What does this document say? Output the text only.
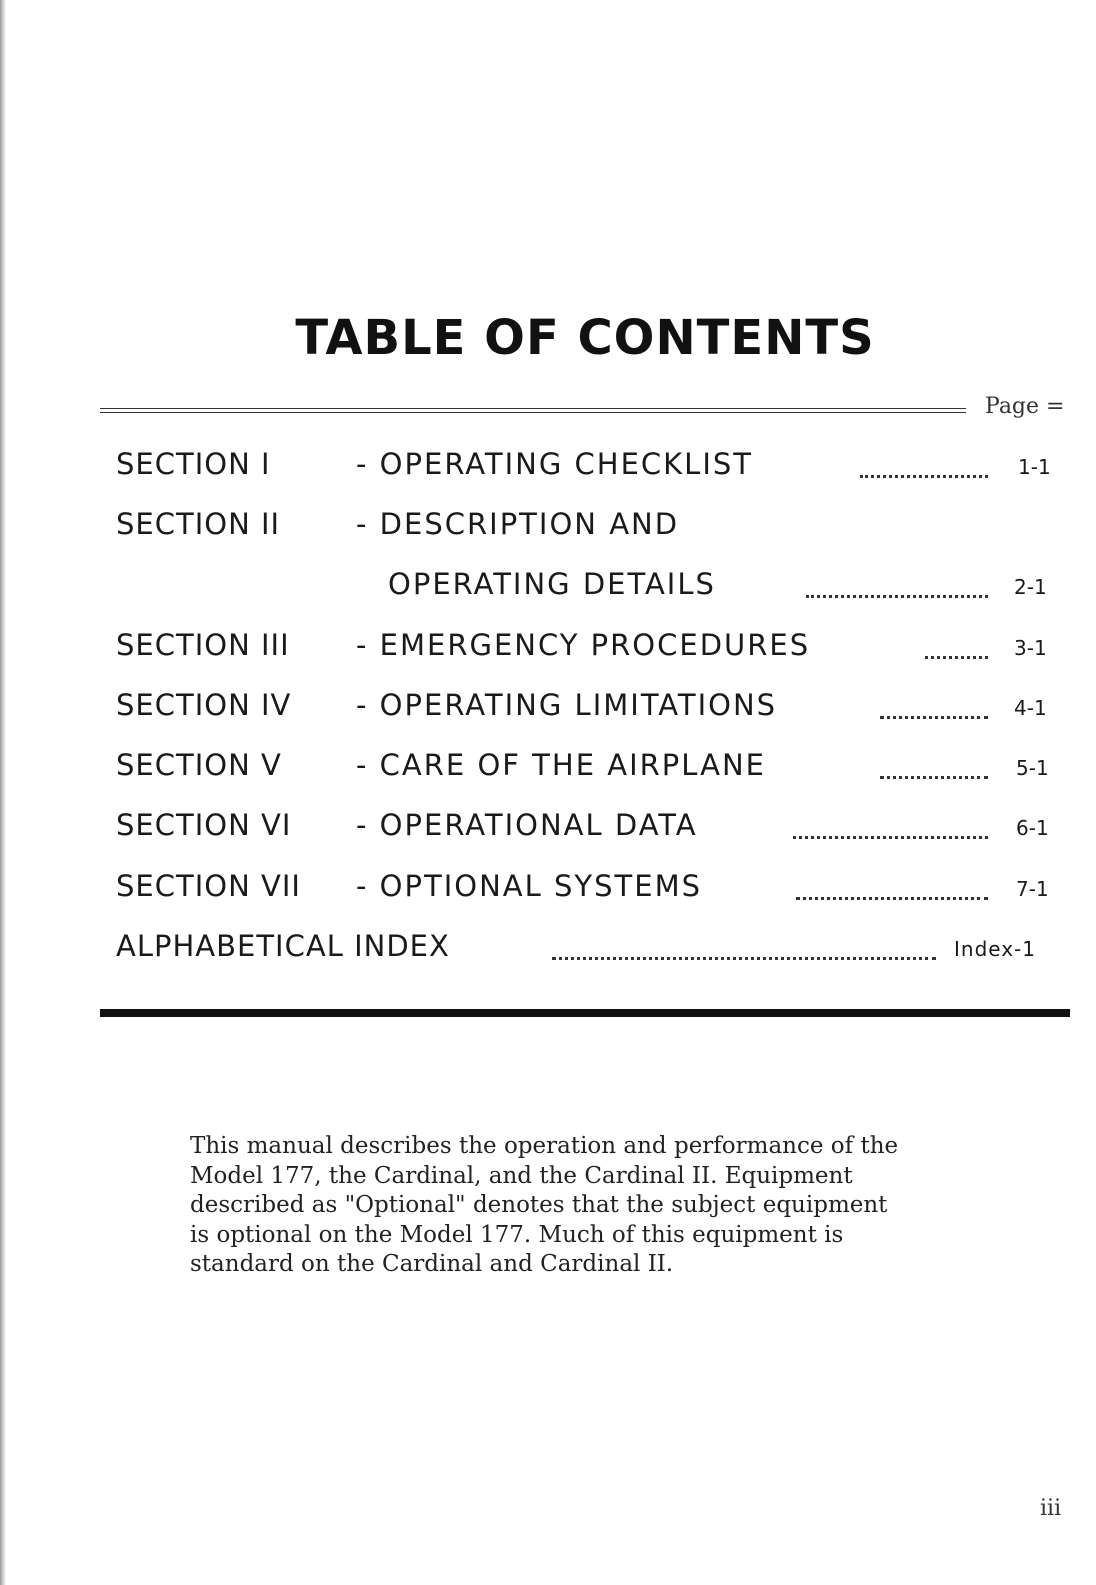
TABLE OF CONTENTS
Page =
SECTION I	- OPERATING CHECKLIST	1-1
SECTION II	- DESCRIPTION AND
OPERATING DETAILS	2-1
SECTION III - EMERGENCY PROCEDURES	3-1
SECTION IV - OPERATING LIMITATIONS	4-1
SECTION V	- CARE OF THE AIRPLANE	5-1
SECTION VI - OPERATIONAL DATA	6-1
SECTION VII - OPTIONAL SYSTEMS	7-1
ALPHABETICAL INDEX	Index-1

This manual describes the operation and performance of the
Model 177, the Cardinal, and the Cardinal II. Equipment
described as "Optional" denotes that the subject equipment
is optional on the Model 177. Much of this equipment is
standard on the Cardinal and Cardinal II.

iii
